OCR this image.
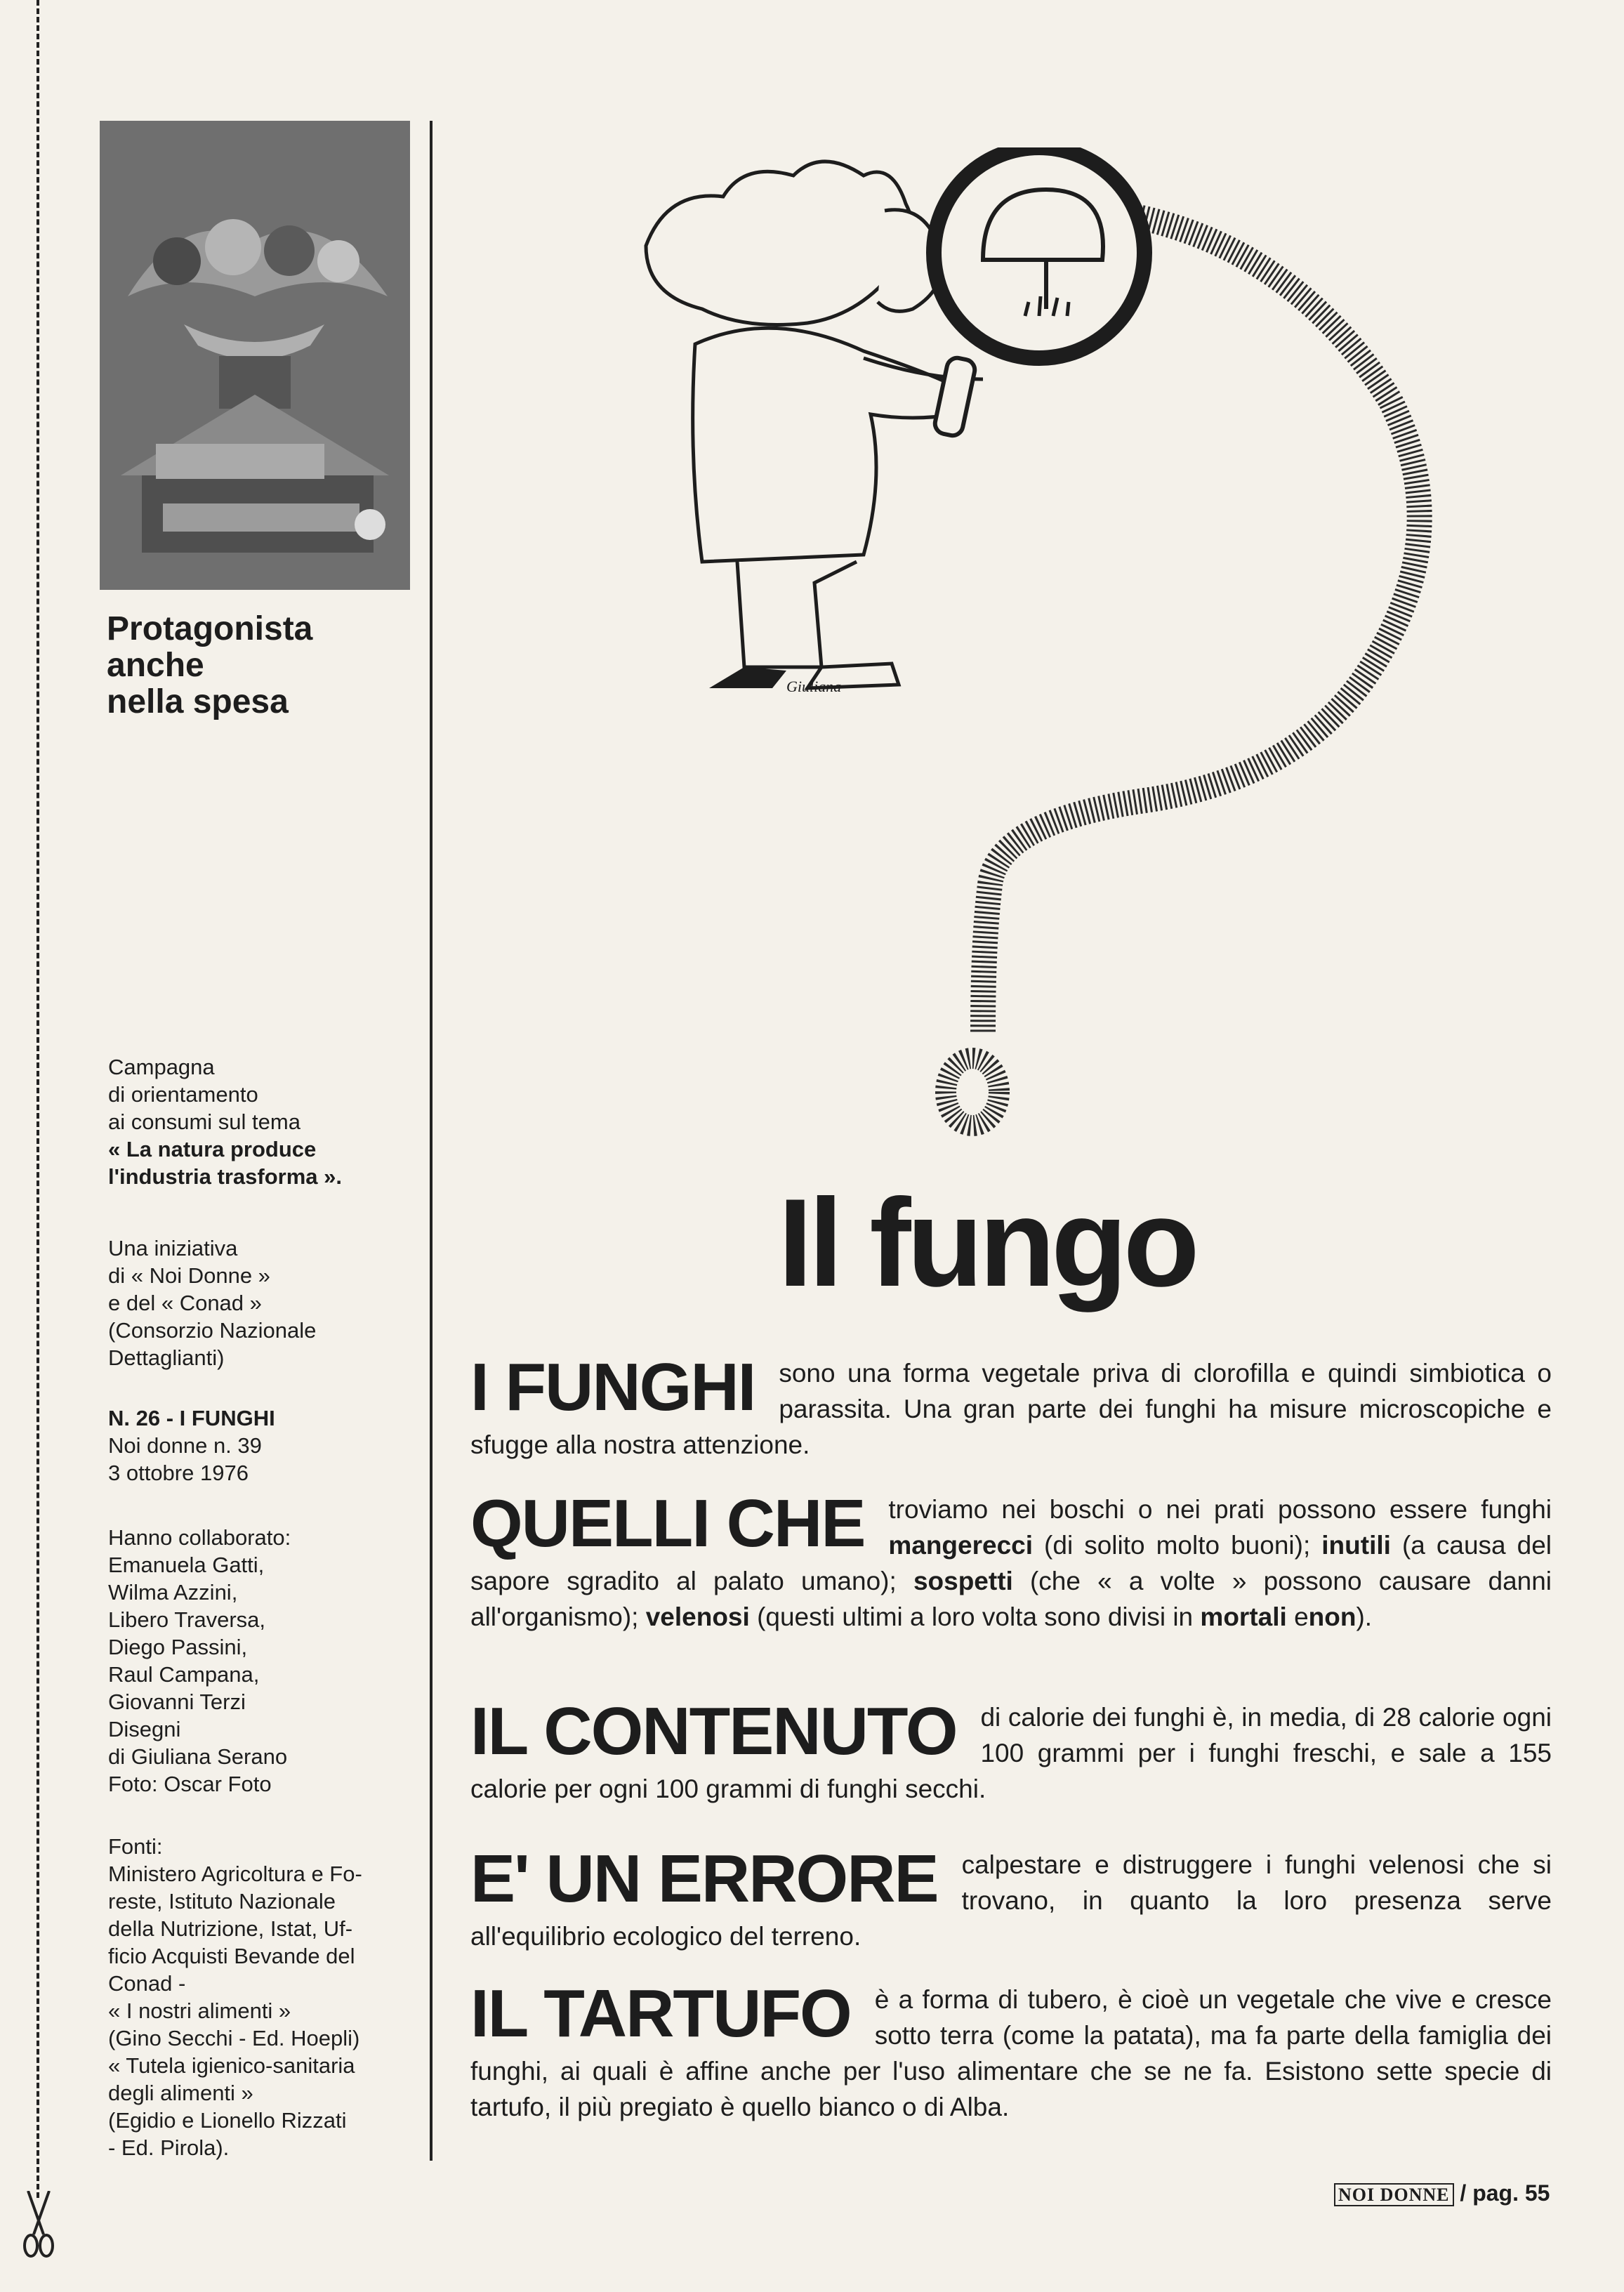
Protagonista
anche
nella spesa
Campagna
di orientamento
ai consumi sul tema
« La natura produce
l'industria trasforma ».
Una iniziativa
di « Noi Donne »
e del « Conad »
(Consorzio Nazionale
Dettaglianti)
N. 26 - I FUNGHI
Noi donne n. 39
3 ottobre 1976
Hanno collaborato:
Emanuela Gatti,
Wilma Azzini,
Libero Traversa,
Diego Passini,
Raul Campana,
Giovanni Terzi
Disegni
di Giuliana Serano
Foto: Oscar Foto
Fonti:
Ministero Agricoltura e Fo-
reste, Istituto Nazionale
della Nutrizione, Istat, Uf-
ficio Acquisti Bevande del
Conad -
« I nostri alimenti »
(Gino Secchi - Ed. Hoepli)
« Tutela igienico-sanitaria
degli alimenti »
(Egidio e Lionello Rizzati
- Ed. Pirola).
Giuliana
Il fungo
I FUNGHI sono una forma vegetale priva di clorofilla e quindi simbiotica o parassita. Una gran parte dei funghi ha misure microscopiche e sfugge alla nostra attenzione.

QUELLI CHE troviamo nei boschi o nei prati possono essere funghi mangerecci (di solito molto buoni); inutili (a causa del sapore sgradito al palato umano); sospetti (che « a volte » possono causare danni all'organismo); velenosi (questi ultimi a loro volta sono divisi in mortali enon).

IL CONTENUTO di calorie dei funghi è, in media, di 28 calorie ogni 100 grammi per i funghi freschi, e sale a 155 calorie per ogni 100 grammi di funghi secchi.

E' UN ERRORE calpestare e distruggere i funghi velenosi che si trovano, in quanto la loro presenza serve all'equilibrio ecologico del terreno.

IL TARTUFO è a forma di tubero, è cioè un vegetale che vive e cresce sotto terra (come la patata), ma fa parte della famiglia dei funghi, ai quali è affine anche per l'uso alimentare che se ne fa. Esistono sette specie di tartufo, il più pregiato è quello bianco o di Alba.

NOI DONNE / pag. 55
